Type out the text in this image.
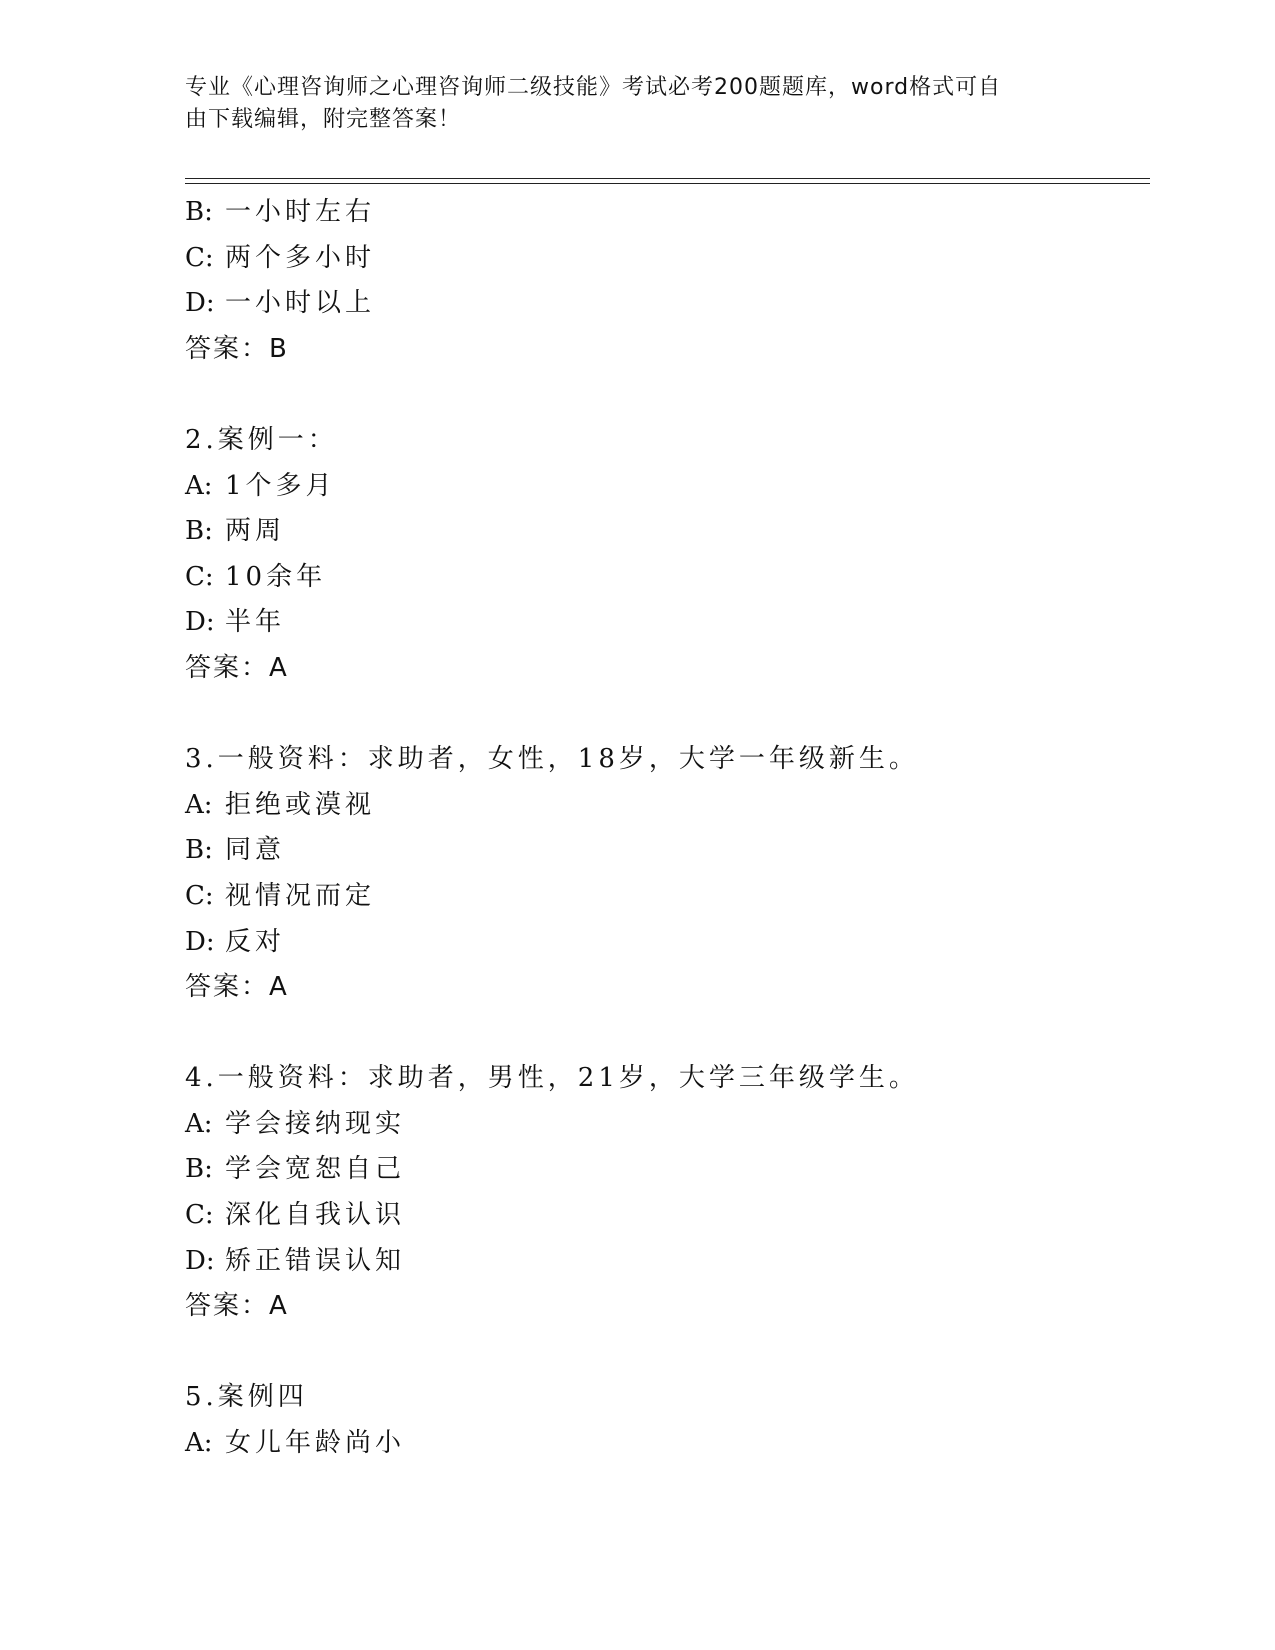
专业《心理咨询师之心理咨询师二级技能》考试必考200题题库，word格式可自
由下载编辑，附完整答案！
B: 一小时左右
C: 两个多小时
D: 一小时以上
答案：B
2.案例一：
A: 1个多月
B: 两周
C: 10余年
D: 半年
答案：A
3.一般资料：求助者，女性，18岁，大学一年级新生。
A: 拒绝或漠视
B: 同意
C: 视情况而定
D: 反对
答案：A
4.一般资料：求助者，男性，21岁，大学三年级学生。
A: 学会接纳现实
B: 学会宽恕自己
C: 深化自我认识
D: 矫正错误认知
答案：A
5.案例四
A: 女儿年龄尚小
